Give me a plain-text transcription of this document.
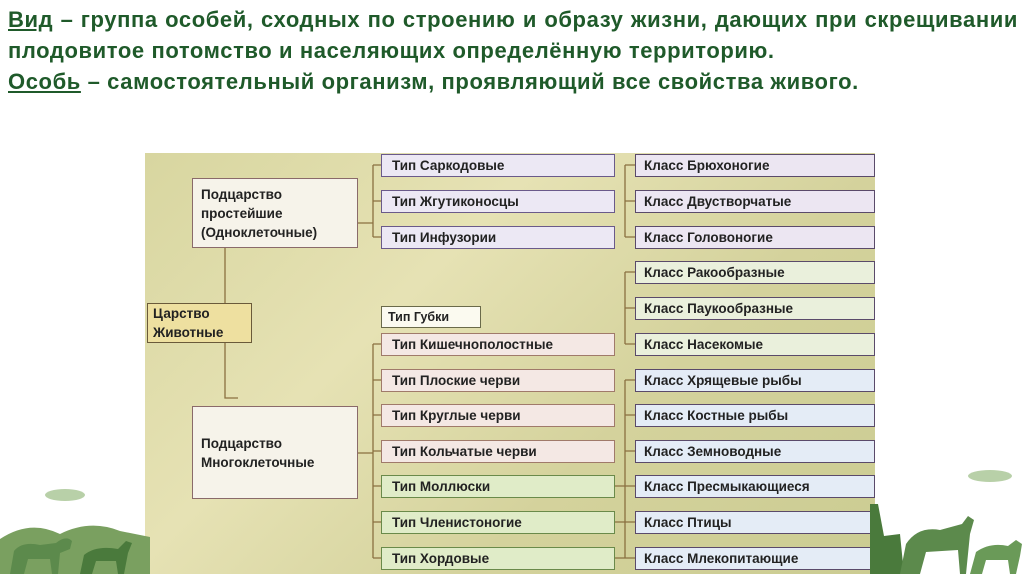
Вид – группа особей, сходных по строению и образу жизни, дающих при скрещивании плодовитое потомство и населяющих определённую территорию.

Особь – самостоятельный организм, проявляющий все свойства живого.

Царство Животные
Подцарство простейшие (Одноклеточные)
Подцарство Многоклеточные
Тип Саркодовые
Тип Жгутиконосцы
Тип Инфузории
Тип Губки
Тип Кишечнополостные
Тип Плоские черви
Тип Круглые черви
Тип Кольчатые черви
Тип Моллюски
Тип Членистоногие
Тип Хордовые
Класс Брюхоногие
Класс Двустворчатые
Класс Головоногие
Класс Ракообразные
Класс Паукообразные
Класс Насекомые
Класс Хрящевые рыбы
Класс Костные рыбы
Класс Земноводные
Класс Пресмыкающиеся
Класс Птицы
Класс Млекопитающие
